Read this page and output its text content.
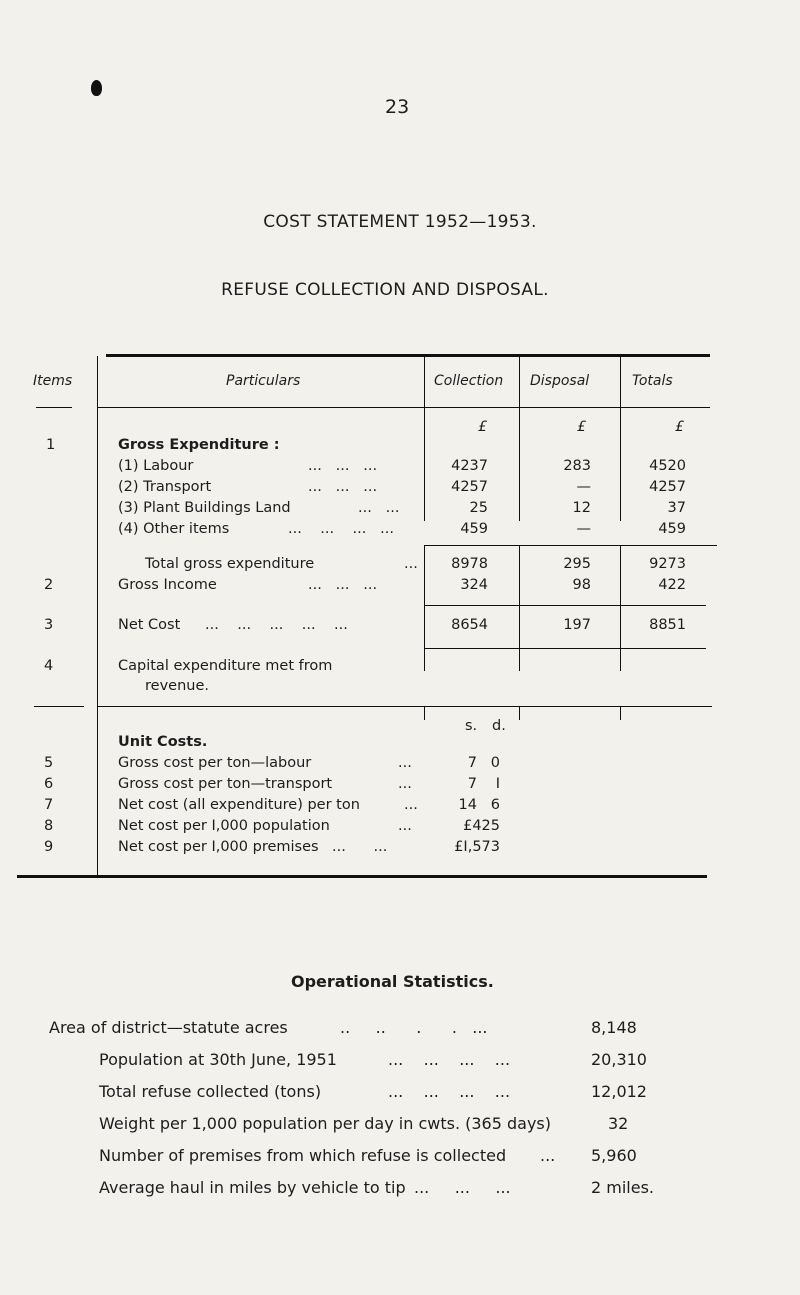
23
COST STATEMENT 1952—1953.
REFUSE COLLECTION AND DISPOSAL.
Items	Particulars	Collection Disposal	Totals
£	£	£
1	Gross Expenditure :
(1) Labour	...   ...   ...	4237	283	4520
(2) Transport	...   ...   ...	4257	—	4257
(3) Plant Buildings Land	...   ...	25	12	37
(4) Other items	...    ...    ...   ...	459	—	459
Total gross expenditure	...	8978	295	9273
2	Gross Income	...   ...   ...	324	98	422
3	Net Cost ...    ...    ...    ...    ...	8654	197	8851
4	Capital expenditure met from
revenue.
s. d.
Unit Costs.
5	Gross cost per ton—labour	...	7 0
6	Gross cost per ton—transport	...	7	I
7	Net cost (all expenditure) per ton	...	14 6
8	Net cost per I,000 population	...	£425
9	Net cost per I,000 premises ...      ...	£I,573
Operational Statistics.
Area of district—statute acres	..     ..      .      .   ...	8,148
Population at 30th June, 1951	...    ...    ...    ...	20,310
Total refuse collected (tons)	...    ...    ...    ...	12,012
Weight per 1,000 population per day in cwts. (365 days)	32
Number of premises from which refuse is collected ... 5,960
Average haul in miles by vehicle to tip ...     ...     ...	2 miles.
